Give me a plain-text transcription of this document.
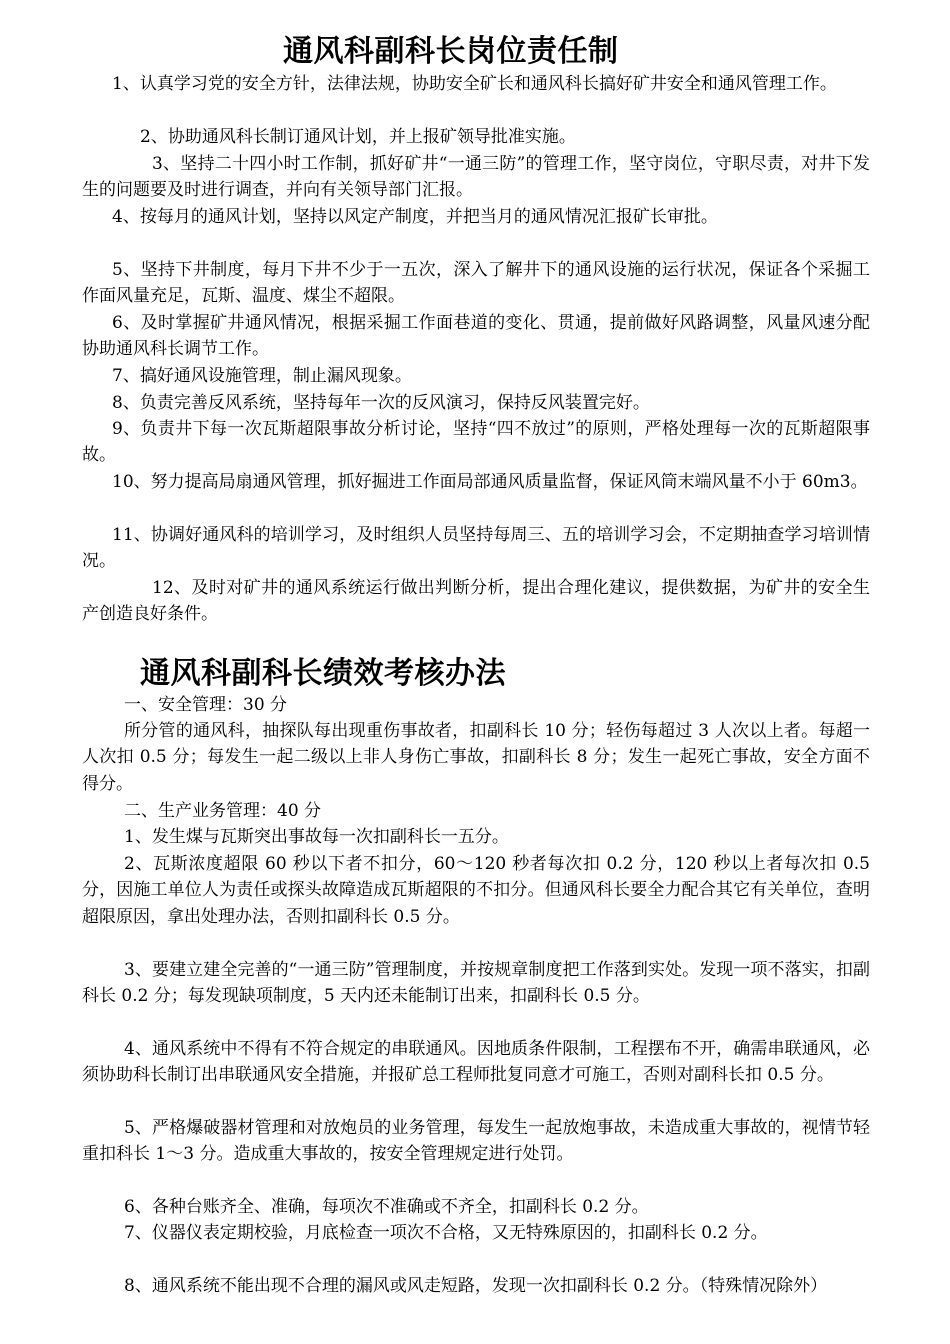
通风科副科长岗位责任制

1、认真学习党的安全方针，法律法规，协助安全矿长和通风科长搞好矿井安全和通风管理工作。

2、协助通风科长制订通风计划，并上报矿领导批准实施。

3、坚持二十四小时工作制，抓好矿井“一通三防”的管理工作，坚守岗位，守职尽责，对井下发生的问题要及时进行调查，并向有关领导部门汇报。

4、按每月的通风计划，坚持以风定产制度，并把当月的通风情况汇报矿长审批。

5、坚持下井制度，每月下井不少于一五次，深入了解井下的通风设施的运行状况，保证各个采掘工作面风量充足，瓦斯、温度、煤尘不超限。

6、及时掌握矿井通风情况，根据采掘工作面巷道的变化、贯通，提前做好风路调整，风量风速分配协助通风科长调节工作。

7、搞好通风设施管理，制止漏风现象。

8、负责完善反风系统，坚持每年一次的反风演习，保持反风装置完好。

9、负责井下每一次瓦斯超限事故分析讨论，坚持“四不放过”的原则，严格处理每一次的瓦斯超限事故。

10、努力提高局扇通风管理，抓好掘进工作面局部通风质量监督，保证风筒末端风量不小于 60m3。

11、协调好通风科的培训学习，及时组织人员坚持每周三、五的培训学习会，不定期抽查学习培训情况。

12、及时对矿井的通风系统运行做出判断分析，提出合理化建议，提供数据，为矿井的安全生产创造良好条件。

通风科副科长绩效考核办法

一、安全管理：30 分

所分管的通风科，抽探队每出现重伤事故者，扣副科长 10 分；轻伤每超过 3 人次以上者。每超一人次扣 0.5 分；每发生一起二级以上非人身伤亡事故，扣副科长 8 分；发生一起死亡事故，安全方面不得分。

二、生产业务管理：40 分

1、发生煤与瓦斯突出事故每一次扣副科长一五分。

2、瓦斯浓度超限 60 秒以下者不扣分，60～120 秒者每次扣 0.2 分，120 秒以上者每次扣 0.5 分，因施工单位人为责任或探头故障造成瓦斯超限的不扣分。但通风科长要全力配合其它有关单位，查明超限原因，拿出处理办法，否则扣副科长 0.5 分。

3、要建立建全完善的“一通三防”管理制度，并按规章制度把工作落到实处。发现一项不落实，扣副科长 0.2 分；每发现缺项制度，5 天内还未能制订出来，扣副科长 0.5 分。

4、通风系统中不得有不符合规定的串联通风。因地质条件限制，工程摆布不开，确需串联通风，必须协助科长制订出串联通风安全措施，并报矿总工程师批复同意才可施工，否则对副科长扣 0.5 分。

5、严格爆破器材管理和对放炮员的业务管理，每发生一起放炮事故，未造成重大事故的，视情节轻重扣科长 1～3 分。造成重大事故的，按安全管理规定进行处罚。

6、各种台账齐全、准确，每项次不准确或不齐全，扣副科长 0.2 分。

7、仪器仪表定期校验，月底检查一项次不合格，又无特殊原因的，扣副科长 0.2 分。

8、通风系统不能出现不合理的漏风或风走短路，发现一次扣副科长 0.2 分。（特殊情况除外）
